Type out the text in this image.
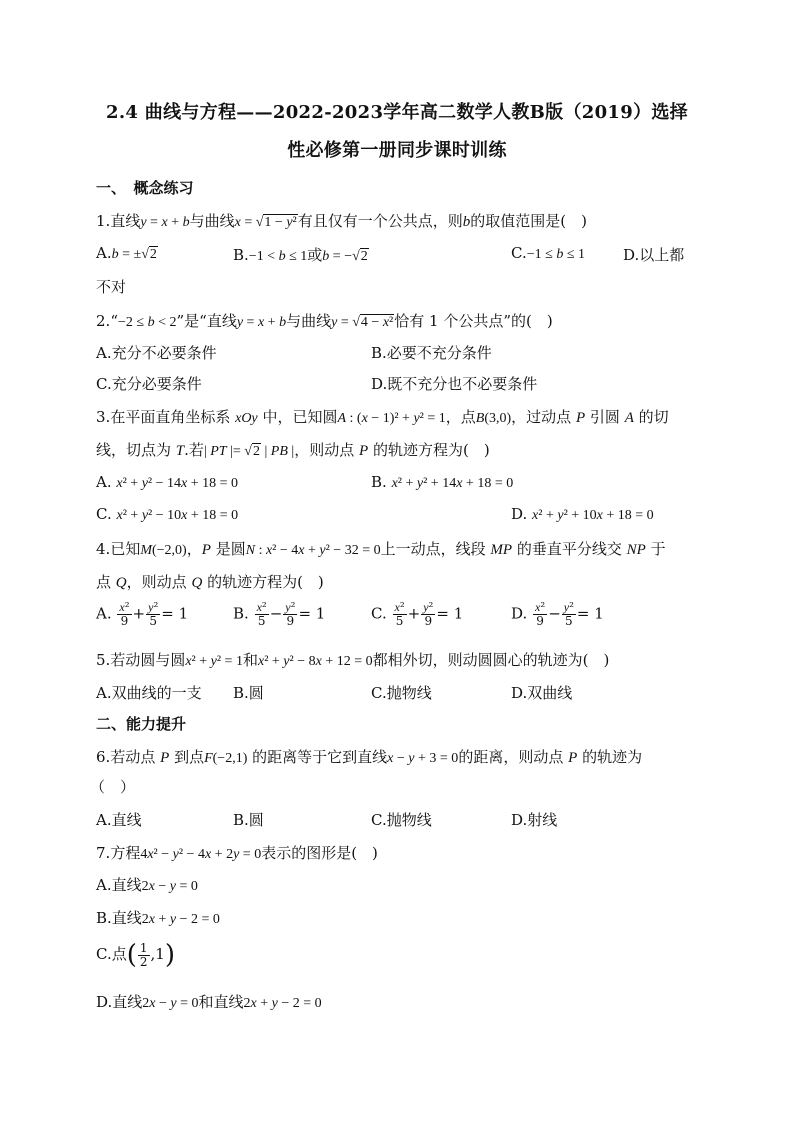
2.4 曲线与方程——2022-2023学年高二数学人教B版（2019）选择
性必修第一册同步课时训练
一、　概念练习
1.直线y = x + b与曲线x = √1 − y²有且仅有一个公共点，则b的取值范围是(　)
A.b = ±√2	B.−1 < b ≤ 1或b = −√2	C.−1 ≤ b ≤ 1	D.以上都
不对
2.“−2 ≤ b < 2”是“直线y = x + b与曲线y = √4 − x²恰有 1 个公共点”的(　)
A.充分不必要条件	B.必要不充分条件
C.充分必要条件	D.既不充分也不必要条件
3.在平面直角坐标系 xOy 中，已知圆A : (x − 1)² + y² = 1，点B(3,0)，过动点 P 引圆 A 的切
线，切点为 T.若| PT |= √2 | PB |，则动点 P 的轨迹方程为(　)
A. x² + y² − 14x + 18 = 0	B. x² + y² + 14x + 18 = 0
C. x² + y² − 10x + 18 = 0	D. x² + y² + 10x + 18 = 0
4.已知M(−2,0)，P 是圆N : x² − 4x + y² − 32 = 0上一动点，线段 MP 的垂直平分线交 NP 于
点 Q，则动点 Q 的轨迹方程为(　)
A. $\frac{\text{x²}}{9} + \frac{\text{y²}}{5} = 1$	B. $\frac{\text{x²}}{5} - \frac{\text{y²}}{9} = 1$	C. $\frac{\text{x²}}{5} + \frac{\text{y²}}{9} = 1$	D. $\frac{\text{x²}}{9} - \frac{\text{y²}}{5} = 1$
5.若动圆与圆x² + y² = 1和x² + y² − 8x + 12 = 0都相外切，则动圆圆心的轨迹为(　)
A.双曲线的一支 B.圆	C.抛物线	D.双曲线
二、能力提升
6.若动点 P 到点F(−2,1) 的距离等于它到直线x − y + 3 = 0的距离，则动点 P 的轨迹为
（　）
A.直线	B.圆	C.抛物线	D.射线
7.方程4x² − y² − 4x + 2y = 0表示的图形是(　)
A.直线2x − y = 0
B.直线2x + y − 2 = 0
C.点( $\frac{1}{2} ,1$)
D.直线2x − y = 0和直线2x + y − 2 = 0
